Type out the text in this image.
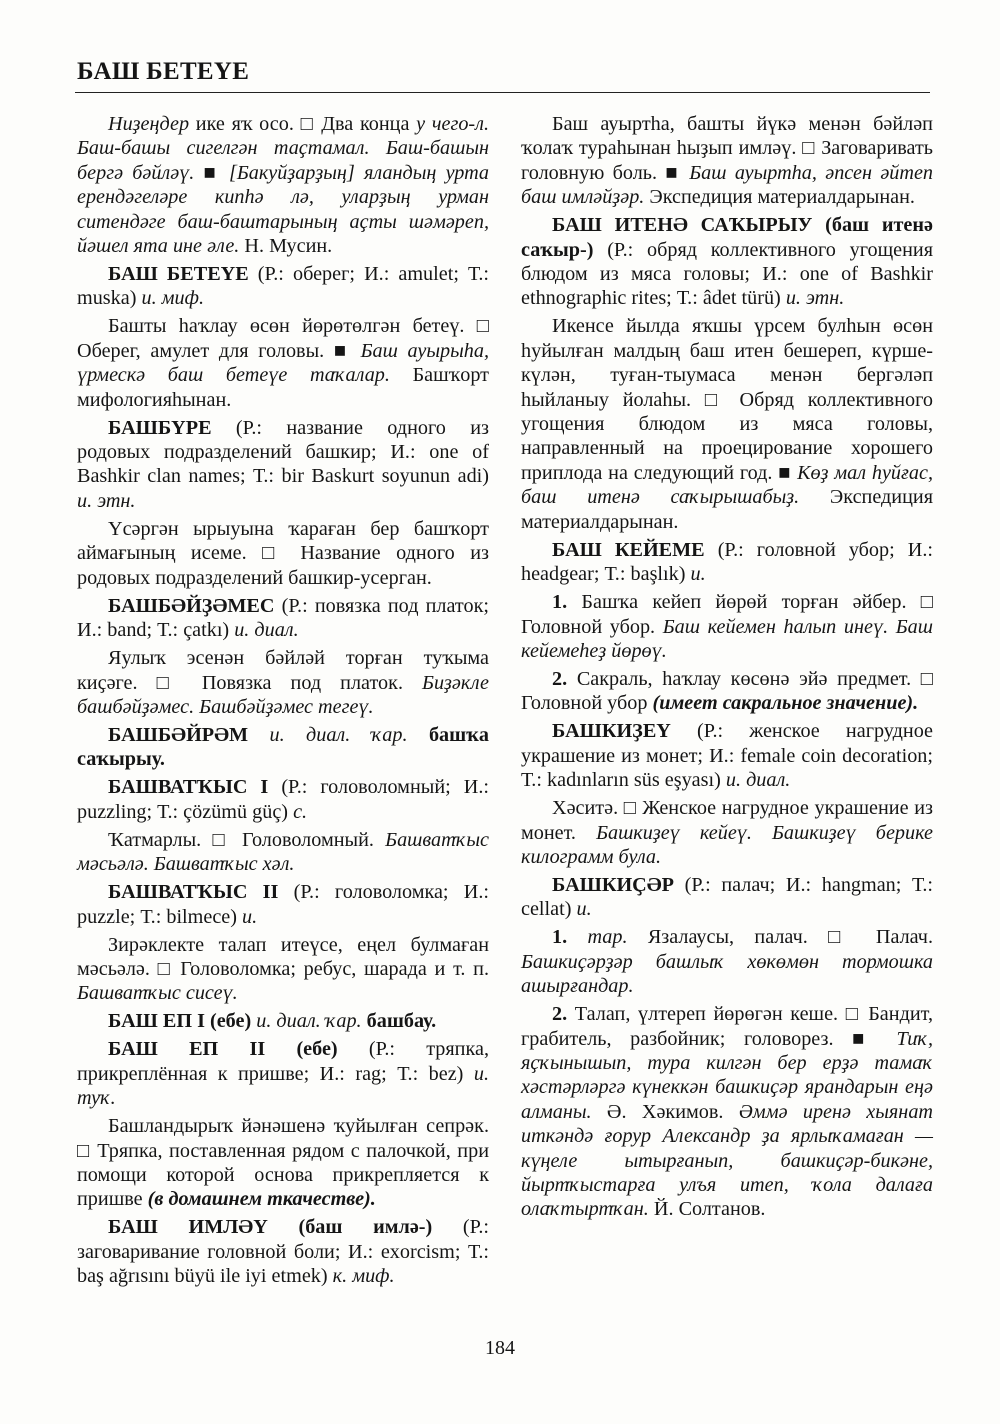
БАШ БЕТЕҮЕ

Ниҙеңдер ике яҡ осо. □ Два конца у чего-л. Баш-башы сигелгән таҫтамал. Баш-башын бергә бәйләү. ■ [Бакуйҙарҙың] яландың урта ерендәгеләре кипһә лә, уларҙың урман ситендәге баш-баштарының аҫты шәмәреп, йәшел ята ине әле. Н. Мусин.

БАШ БЕТЕҮЕ (Р.: оберег; И.: amulet; Т.: muska) и. миф.

Башты һаҡлау өсөн йөрөтөлгән бетеү. □ Оберег, амулет для головы. ■ Баш ауырыһа, үрмескә баш бетеүе таҡалар. Башҡорт мифологияһынан.

БАШБҮРЕ (Р.: название одного из родовых подразделений башкир; И.: one of Bashkir clan names; Т.: bir Baskurt soyunun adi) и. этн.

Үсәргән ырыуына ҡараған бер башҡорт аймағының исеме. □ Название одного из родовых подразделений башкир-усерган.

БАШБӘЙҘӘМЕС (Р.: повязка под платок; И.: band; Т.: çatkı) и. диал.

Яулыҡ эсенән бәйләй торған туҡыма киҫәге. □ Повязка под платок. Биҙәкле башбәйҙәмес. Башбәйҙәмес тегеү.

БАШБӘЙРӘМ и. диал. ҡар. башҡа саҡырыу.

БАШВАТҠЫС I (Р.: головоломный; И.: puzzling; Т.: çözümü güç) с.

Ҡатмарлы. □ Головоломный. Башватҡыс мәсьәлә. Башватҡыс хәл.

БАШВАТҠЫС II (Р.: головоломка; И.: puzzle; Т.: bilmece) и.

Зирәклекте талап итеүсе, еңел булмаған мәсьәлә. □ Головоломка; ребус, шарада и т. п. Башватҡыс сисеү.

БАШ ЕП I (ебе) и. диал. ҡар. башбау.

БАШ ЕП II (ебе) (Р.: тряпка, прикреплённая к пришве; И.: rag; Т.: bez) и. туҡ.

Башландырыҡ йәнәшенә ҡуйылған сепрәк. □ Тряпка, поставленная рядом с палочкой, при помощи которой основа прикрепляется к пришве (в домашнем ткачестве).

БАШ ИМЛӘҮ (баш имлә-) (Р.: заговаривание головной боли; И.: exorcism; Т.: baş ağrısını büyü ile iyi etmek) к. миф.

Баш ауыртһа, башты йүкә менән бәйләп ҡолаҡ тураһынан һыҙып имләү. □ Заговаривать головную боль. ■ Баш ауыртһа, әпсен әйтеп баш имләйҙәр. Экспедиция материалдарынан.

БАШ ИТЕНӘ САҠЫРЫУ (баш итенә саҡыр-) (Р.: обряд коллективного угощения блюдом из мяса головы; И.: one of Bashkir ethnographic rites; Т.: âdet türü) и. этн.

Икенсе йылда яҡшы үрсем булһын өсөн һуйылған малдың баш итен бешереп, күрше-күлән, туған-тыумаса менән бергәләп һыйланыу йолаһы. □ Обряд коллективного угощения блюдом из мяса головы, направленный на проецирование хорошего приплода на следующий год. ■ Көҙ мал һуйғас, баш итенә саҡырышабыҙ. Экспедиция материалдарынан.

БАШ КЕЙЕМЕ (Р.: головной убор; И.: headgear; Т.: başlık) и.

1. Башҡа кейеп йөрөй торған әйбер. □ Головной убор. Баш кейемен һалып инеү. Баш кейемеһеҙ йөрөү.

2. Сакраль, һаҡлау көсөнә эйә предмет. □ Головной убор (имеет сакральное значение).

БАШКИҘЕҮ (Р.: женское нагрудное украшение из монет; И.: female coin decoration; Т.: kadınların süs eşyası) и. диал.

Хәситә. □ Женское нагрудное украшение из монет. Башкиҙеү кейеү. Башкиҙеү берике килограмм була.

БАШКИҪӘР (Р.: палач; И.: hangman; Т.: cellat) и.

1. тар. Язалаусы, палач. □ Палач. Башкиҫәрҙәр башлыҡ хөкөмөн тормошка ашырғандар.

2. Талап, үлтереп йөрөгән кеше. □ Бандит, грабитель, разбойник; головорез. ■ Тиҡ, яҫҡынышып, тура килгән бер ерҙә тамаҡ хәстәрләргә күнеккән башкиҫәр ярандарын еңә алманы. Ә. Хәкимов. Әммә иренә хыянат иткәндә ғорур Александр ҙа ярлыҡамаған — күңеле ытырғанып, башкиҫәр-бикәне, йыртҡыстарға улъя итеп, ҡола далаға олаҡтыртҡан. Й. Солтанов.

184
